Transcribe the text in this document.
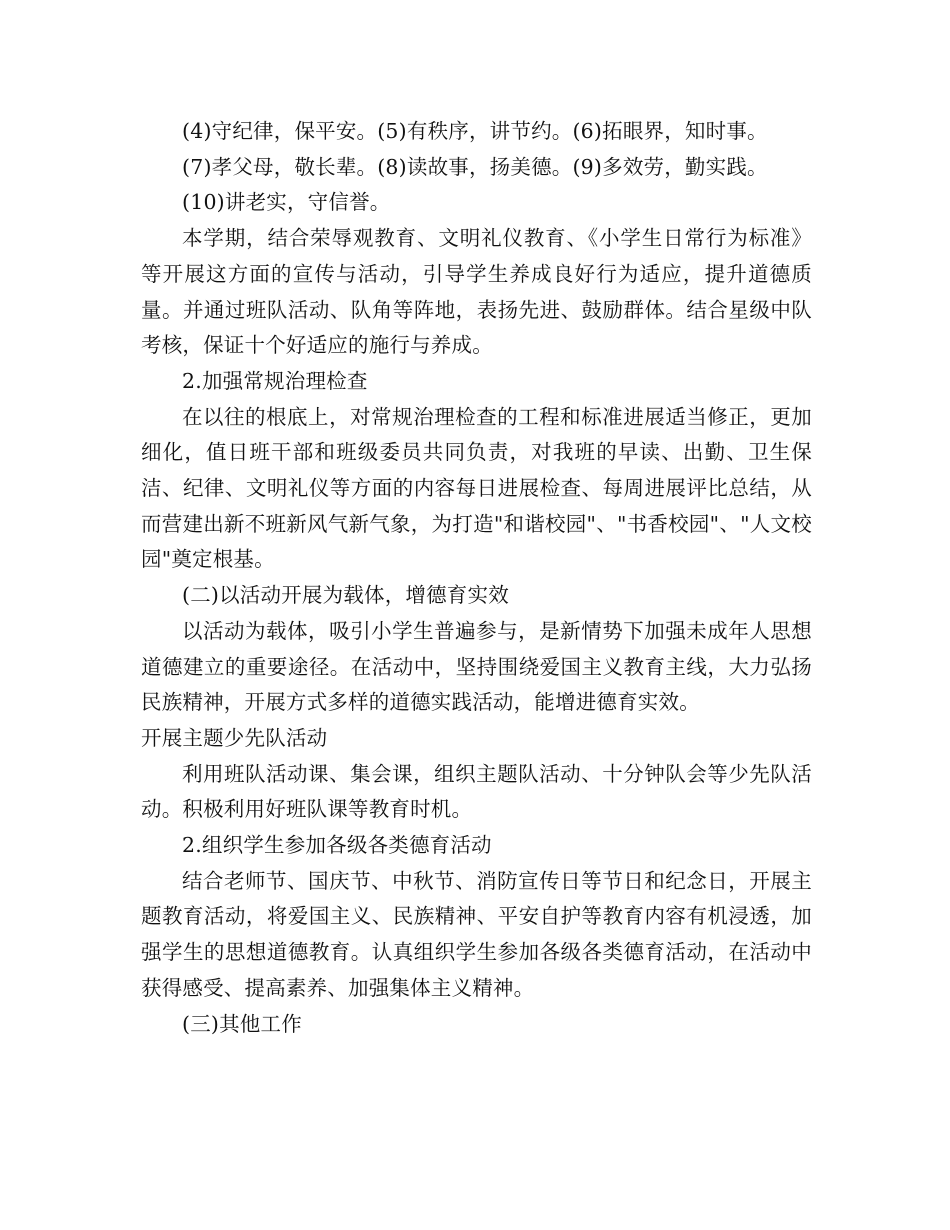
(4)守纪律，保平安。(5)有秩序，讲节约。(6)拓眼界，知时事。

(7)孝父母，敬长辈。(8)读故事，扬美德。(9)多效劳，勤实践。

(10)讲老实，守信誉。

本学期，结合荣辱观教育、文明礼仪教育、《小学生日常行为标准》等开展这方面的宣传与活动，引导学生养成良好行为适应，提升道德质量。并通过班队活动、队角等阵地，表扬先进、鼓励群体。结合星级中队考核，保证十个好适应的施行与养成。

2.加强常规治理检查

在以往的根底上，对常规治理检查的工程和标准进展适当修正，更加细化，值日班干部和班级委员共同负责，对我班的早读、出勤、卫生保洁、纪律、文明礼仪等方面的内容每日进展检查、每周进展评比总结，从而营建出新不班新风气新气象，为打造"和谐校园"、"书香校园"、"人文校园"奠定根基。

(二)以活动开展为载体，增德育实效

以活动为载体，吸引小学生普遍参与，是新情势下加强未成年人思想道德建立的重要途径。在活动中，坚持围绕爱国主义教育主线，大力弘扬民族精神，开展方式多样的道德实践活动，能增进德育实效。

开展主题少先队活动

利用班队活动课、集会课，组织主题队活动、十分钟队会等少先队活动。积极利用好班队课等教育时机。

2.组织学生参加各级各类德育活动

结合老师节、国庆节、中秋节、消防宣传日等节日和纪念日，开展主题教育活动，将爱国主义、民族精神、平安自护等教育内容有机浸透，加强学生的思想道德教育。认真组织学生参加各级各类德育活动，在活动中获得感受、提高素养、加强集体主义精神。

(三)其他工作
